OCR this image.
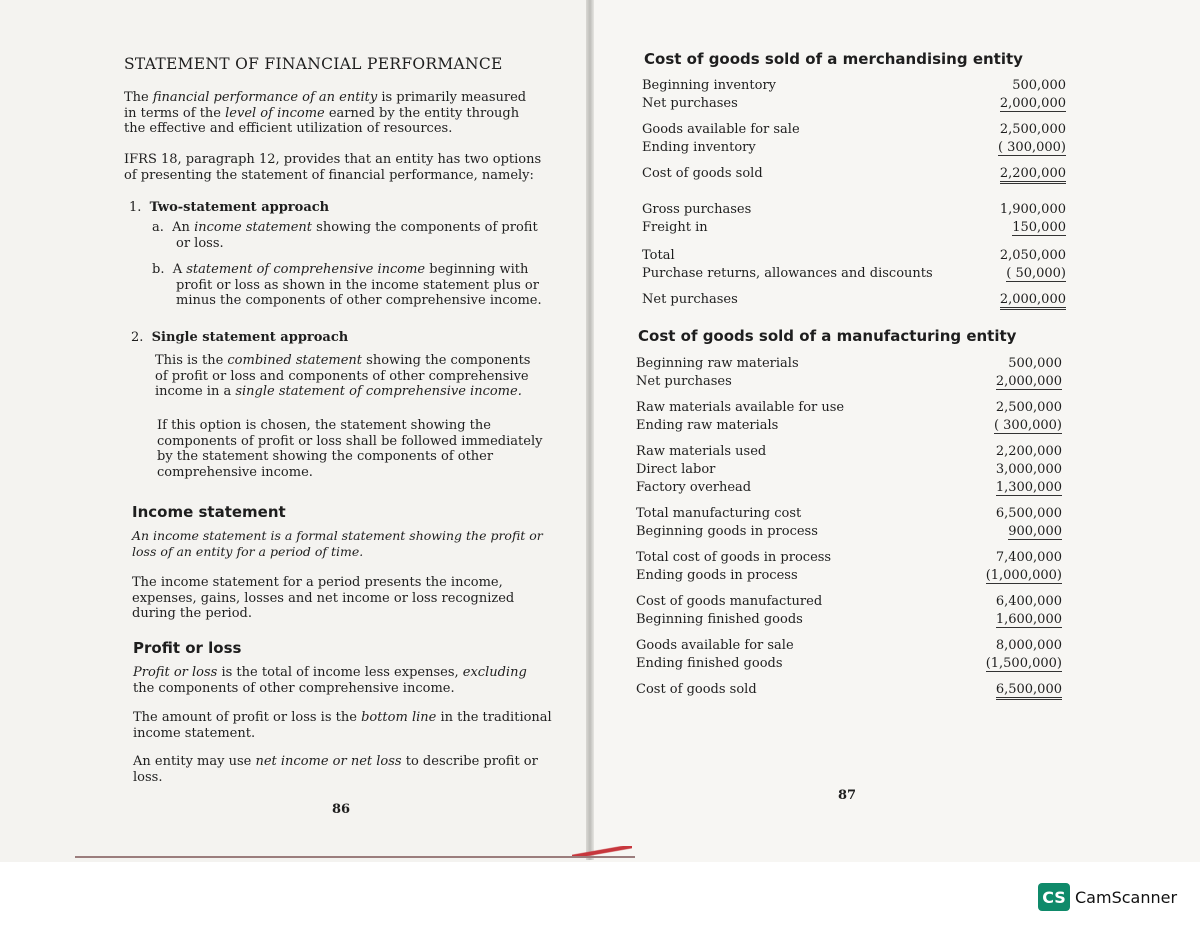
STATEMENT OF FINANCIAL PERFORMANCE
The financial performance of an entity is primarily measured
in terms of the level of income earned by the entity through
the effective and efficient utilization of resources.
IFRS 18, paragraph 12, provides that an entity has two options
of presenting the statement of financial performance, namely:
1. Two-statement approach
a. An income statement showing the components of profit
or loss.
b. A statement of comprehensive income beginning with
profit or loss as shown in the income statement plus or
minus the components of other comprehensive income.
2. Single statement approach
This is the combined statement showing the components
of profit or loss and components of other comprehensive
income in a single statement of comprehensive income.
If this option is chosen, the statement showing the
components of profit or loss shall be followed immediately
by the statement showing the components of other
comprehensive income.
Income statement
An income statement is a formal statement showing the profit or
loss of an entity for a period of time.
The income statement for a period presents the income,
expenses, gains, losses and net income or loss recognized
during the period.
Profit or loss
Profit or loss is the total of income less expenses, excluding
the components of other comprehensive income.
The amount of profit or loss is the bottom line in the traditional
income statement.
An entity may use net income or net loss to describe profit or
loss.
86
Cost of goods sold of a merchandising entity
Beginning inventory	500,000
Net purchases	2,000,000
Goods available for sale	2,500,000
Ending inventory	( 300,000)
Cost of goods sold	2,200,000
Gross purchases	1,900,000
Freight in	150,000
Total	2,050,000
Purchase returns, allowances and discounts	( 50,000)
Net purchases	2,000,000
Cost of goods sold of a manufacturing entity
Beginning raw materials	500,000
Net purchases	2,000,000
Raw materials available for use	2,500,000
Ending raw materials	( 300,000)
Raw materials used	2,200,000
Direct labor	3,000,000
Factory overhead	1,300,000
Total manufacturing cost	6,500,000
Beginning goods in process	900,000
Total cost of goods in process	7,400,000
Ending goods in process	(1,000,000)
Cost of goods manufactured	6,400,000
Beginning finished goods	1,600,000
Goods available for sale	8,000,000
Ending finished goods	(1,500,000)
Cost of goods sold	6,500,000
87
CS CamScanner
